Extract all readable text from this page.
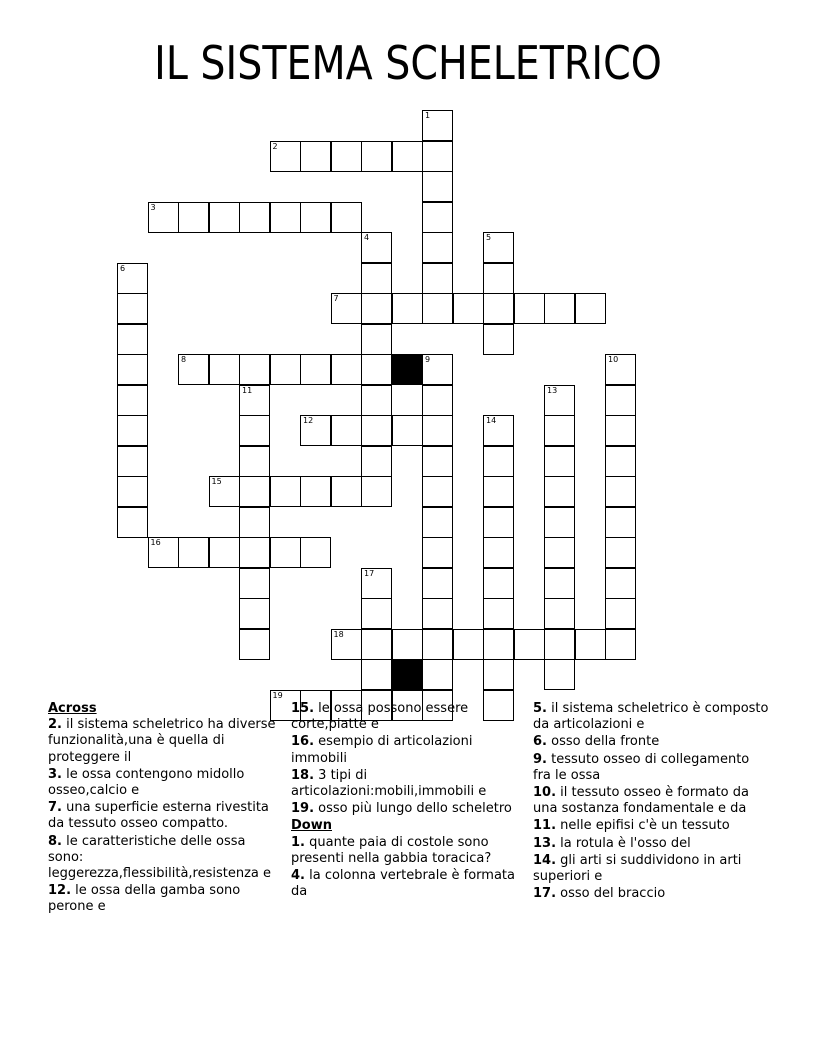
IL SISTEMA SCHELETRICO
2
3
7
8
12
15
16
18
19
1
4	5
6
9	10
11	13
14
17
Across
2. il sistema scheletrico ha diverse funzionalità,una è quella di proteggere il
3. le ossa contengono midollo osseo,calcio e
7. una superficie esterna rivestita da tessuto osseo compatto.
8. le caratteristiche delle ossa sono: leggerezza,flessibilità,resistenza e
12. le ossa della gamba sono perone e
15. le ossa possono essere corte,piatte e
16. esempio di articolazioni immobili
18. 3 tipi di articolazioni:mobili,immobili e
19. osso più lungo dello scheletro
Down
1. quante paia di costole sono presenti nella gabbia toracica?
4. la colonna vertebrale è formata da
5. il sistema scheletrico è composto da articolazioni e
6. osso della fronte
9. tessuto osseo di collegamento fra le ossa
10. il tessuto osseo è formato da una sostanza fondamentale e da
11. nelle epifisi c'è un tessuto
13. la rotula è l'osso del
14. gli arti si suddividono in arti superiori e
17. osso del braccio
